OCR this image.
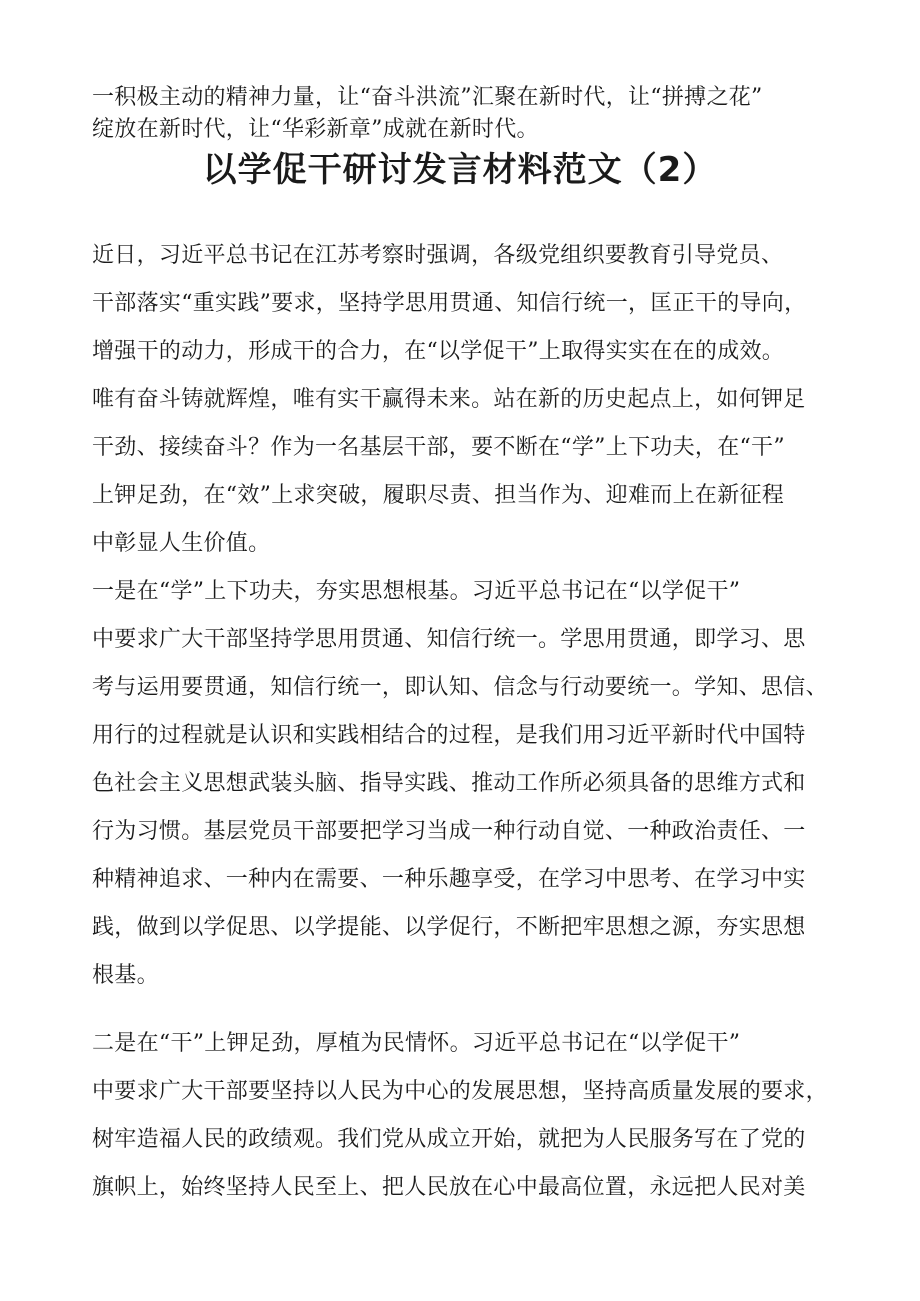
一积极主动的精神力量，让“奋斗洪流”汇聚在新时代，让“拼搏之花”
绽放在新时代，让“华彩新章”成就在新时代。
以学促干研讨发言材料范文（2）
近日，习近平总书记在江苏考察时强调，各级党组织要教育引导党员、
干部落实“重实践”要求，坚持学思用贯通、知信行统一，匡正干的导向，
增强干的动力，形成干的合力，在“以学促干”上取得实实在在的成效。
唯有奋斗铸就辉煌，唯有实干赢得未来。站在新的历史起点上，如何钾足
干劲、接续奋斗？作为一名基层干部，要不断在“学”上下功夫，在“干”
上钾足劲，在“效”上求突破，履职尽责、担当作为、迎难而上在新征程
中彰显人生价值。
一是在“学”上下功夫，夯实思想根基。习近平总书记在“以学促干”
中要求广大干部坚持学思用贯通、知信行统一。学思用贯通，即学习、思
考与运用要贯通，知信行统一，即认知、信念与行动要统一。学知、思信、
用行的过程就是认识和实践相结合的过程，是我们用习近平新时代中国特
色社会主义思想武装头脑、指导实践、推动工作所必须具备的思维方式和
行为习惯。基层党员干部要把学习当成一种行动自觉、一种政治责任、一
种精神追求、一种内在需要、一种乐趣享受，在学习中思考、在学习中实
践，做到以学促思、以学提能、以学促行，不断把牢思想之源，夯实思想
根基。
二是在“干”上钾足劲，厚植为民情怀。习近平总书记在“以学促干”
中要求广大干部要坚持以人民为中心的发展思想，坚持高质量发展的要求，
树牢造福人民的政绩观。我们党从成立开始，就把为人民服务写在了党的
旗帜上，始终坚持人民至上、把人民放在心中最高位置，永远把人民对美
